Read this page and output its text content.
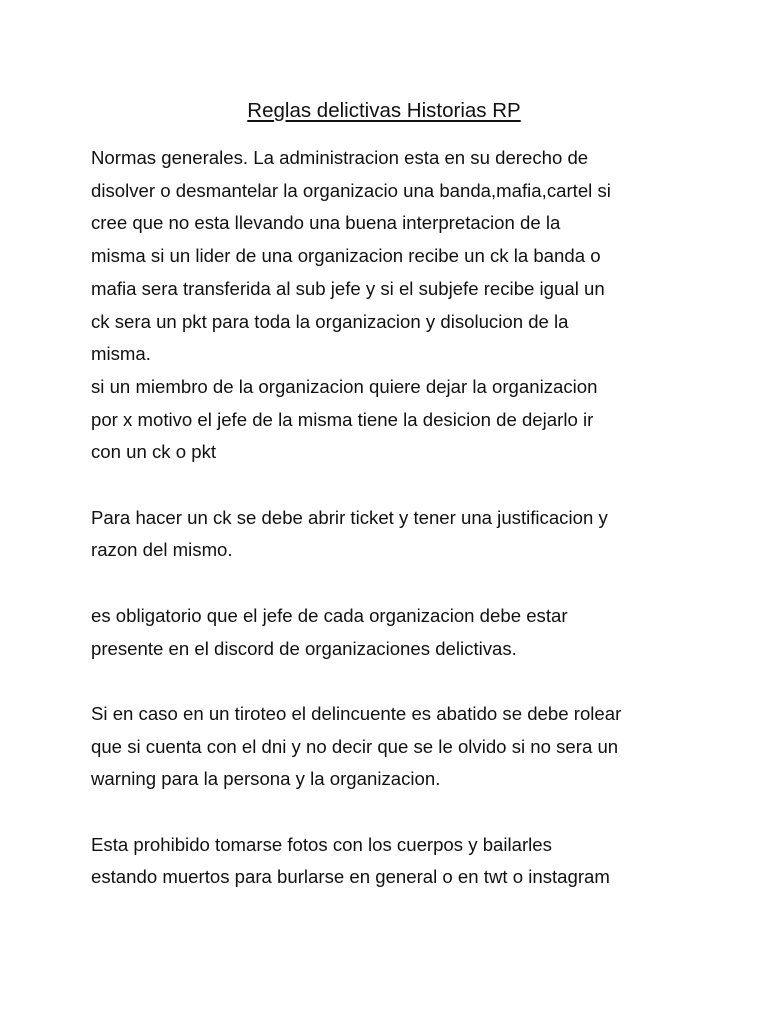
Reglas delictivas Historias RP

Normas generales. La administracion esta en su derecho de

disolver o desmantelar la organizacio una banda,mafia,cartel si

cree que no esta llevando una buena interpretacion de la

misma si un lider de una organizacion recibe un ck la banda o

mafia sera transferida al sub jefe y si el subjefe recibe igual un

ck sera un pkt para toda la organizacion y disolucion de la

misma.

si un miembro de la organizacion quiere dejar la organizacion

por x motivo el jefe de la misma tiene la desicion de dejarlo ir

con un ck o pkt

Para hacer un ck se debe abrir ticket y tener una justificacion y

razon del mismo.

es obligatorio que el jefe de cada organizacion debe estar

presente en el discord de organizaciones delictivas.

Si en caso en un tiroteo el delincuente es abatido se debe rolear

que si cuenta con el dni y no decir que se le olvido si no sera un

warning para la persona y la organizacion.

Esta prohibido tomarse fotos con los cuerpos y bailarles

estando muertos para burlarse en general o en twt o instagram
